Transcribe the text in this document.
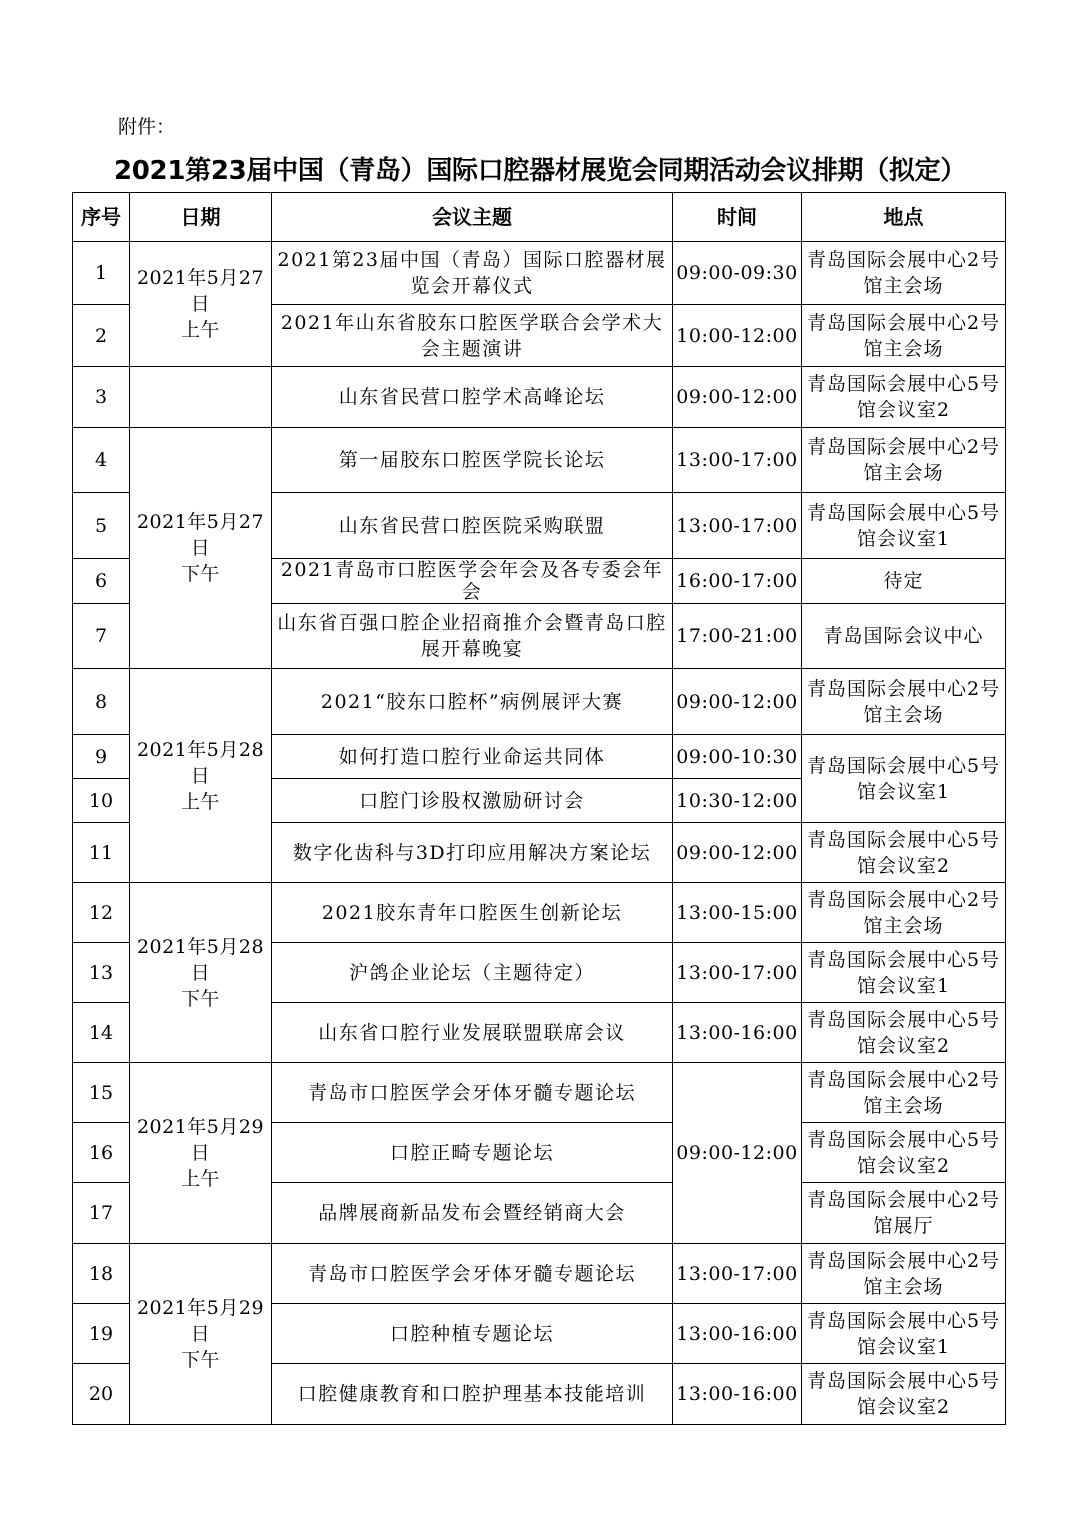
附件：
2021第23届中国（青岛）国际口腔器材展览会同期活动会议排期（拟定）
序号	日期	会议主题	时间	地点
1	2021年5月27
日
上午	2021第23届中国（青岛）国际口腔器材展览会开幕仪式	09:00-09:30	青岛国际会展中心2号馆主会场
2		2021年山东省胶东口腔医学联合会学术大会主题演讲	10:00-12:00	青岛国际会展中心2号馆主会场
3		山东省民营口腔学术高峰论坛	09:00-12:00	青岛国际会展中心5号馆会议室2
4	2021年5月27
日
下午	第一届胶东口腔医学院长论坛	13:00-17:00	青岛国际会展中心2号馆主会场
5		山东省民营口腔医院采购联盟	13:00-17:00	青岛国际会展中心5号馆会议室1
6		2021青岛市口腔医学会年会及各专委会年会	16:00-17:00	待定
7		山东省百强口腔企业招商推介会暨青岛口腔展开幕晚宴	17:00-21:00	青岛国际会议中心
8	2021年5月28
日
上午	2021“胶东口腔杯”病例展评大赛	09:00-12:00	青岛国际会展中心2号馆主会场
9		如何打造口腔行业命运共同体	09:00-10:30	青岛国际会展中心5号馆会议室1
10		口腔门诊股权激励研讨会	10:30-12:00	
11		数字化齿科与3D打印应用解决方案论坛	09:00-12:00	青岛国际会展中心5号馆会议室2
12	2021年5月28
日
下午	2021胶东青年口腔医生创新论坛	13:00-15:00	青岛国际会展中心2号馆主会场
13		沪鸽企业论坛（主题待定）	13:00-17:00	青岛国际会展中心5号馆会议室1
14		山东省口腔行业发展联盟联席会议	13:00-16:00	青岛国际会展中心5号馆会议室2
15	2021年5月29
日
上午	青岛市口腔医学会牙体牙髓专题论坛	09:00-12:00	青岛国际会展中心2号馆主会场
16		口腔正畸专题论坛		青岛国际会展中心5号馆会议室2
17		品牌展商新品发布会暨经销商大会		青岛国际会展中心2号馆展厅
18	2021年5月29
日
下午	青岛市口腔医学会牙体牙髓专题论坛	13:00-17:00	青岛国际会展中心2号馆主会场
19		口腔种植专题论坛	13:00-16:00	青岛国际会展中心5号馆会议室1
20		口腔健康教育和口腔护理基本技能培训	13:00-16:00	青岛国际会展中心5号馆会议室2
